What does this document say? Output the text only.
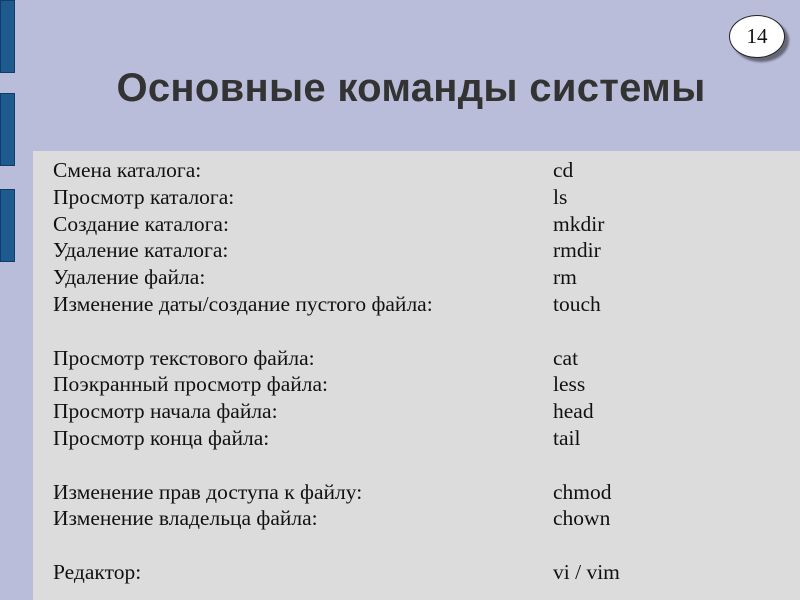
14
Основные команды системы
Смена каталога:	cd
Просмотр каталога:	ls
Создание каталога:	mkdir
Удаление каталога:	rmdir
Удаление файла:	rm
Изменение даты/создание пустого файла:	touch
Просмотр текстового файла:	cat
Поэкранный просмотр файла:	less
Просмотр начала файла:	head
Просмотр конца файла:	tail
Изменение прав доступа к файлу:	chmod
Изменение владельца файла:	chown
Редактор:	vi / vim
